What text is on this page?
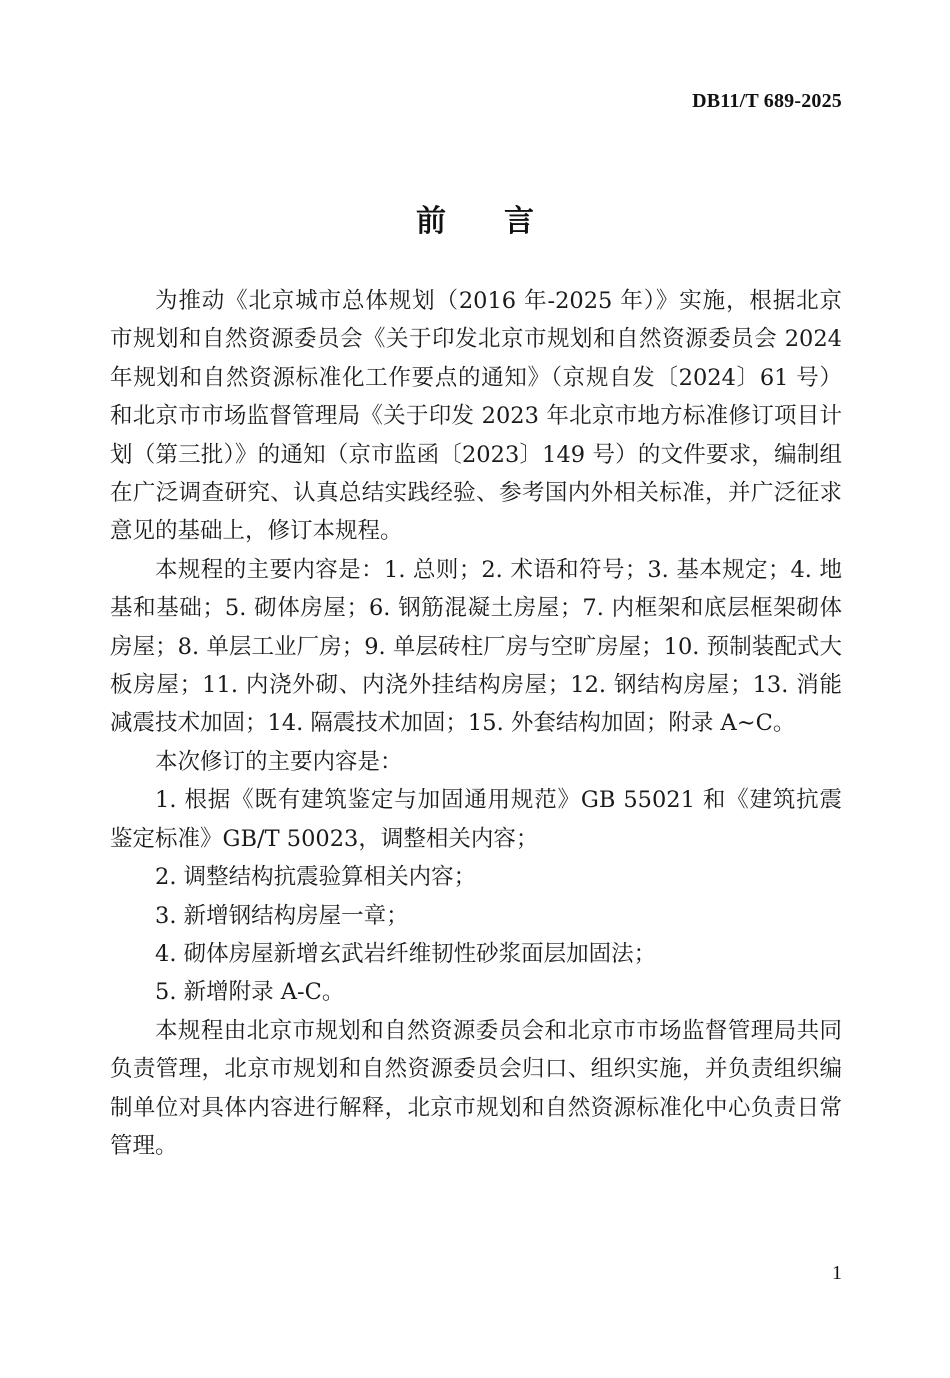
DB11/T 689-2025
前言

为推动《北京城市总体规划（2016 年-2025 年）》实施，根据北京市规划和自然资源委员会《关于印发北京市规划和自然资源委员会 2024 年规划和自然资源标准化工作要点的通知》（京规自发〔2024〕61 号）和北京市市场监督管理局《关于印发 2023 年北京市地方标准修订项目计划（第三批）》的通知（京市监函〔2023〕149 号）的文件要求，编制组在广泛调查研究、认真总结实践经验、参考国内外相关标准，并广泛征求意见的基础上，修订本规程。

本规程的主要内容是：1. 总则；2. 术语和符号；3. 基本规定；4. 地基和基础；5. 砌体房屋；6. 钢筋混凝土房屋；7. 内框架和底层框架砌体房屋；8. 单层工业厂房；9. 单层砖柱厂房与空旷房屋；10. 预制装配式大板房屋；11. 内浇外砌、内浇外挂结构房屋；12. 钢结构房屋；13. 消能减震技术加固；14. 隔震技术加固；15. 外套结构加固；附录 A~C。

本次修订的主要内容是：

1. 根据《既有建筑鉴定与加固通用规范》GB 55021 和《建筑抗震鉴定标准》GB/T 50023，调整相关内容；

2. 调整结构抗震验算相关内容；

3. 新增钢结构房屋一章；

4. 砌体房屋新增玄武岩纤维韧性砂浆面层加固法；

5. 新增附录 A-C。

本规程由北京市规划和自然资源委员会和北京市市场监督管理局共同负责管理，北京市规划和自然资源委员会归口、组织实施，并负责组织编制单位对具体内容进行解释，北京市规划和自然资源标准化中心负责日常管理。

1
